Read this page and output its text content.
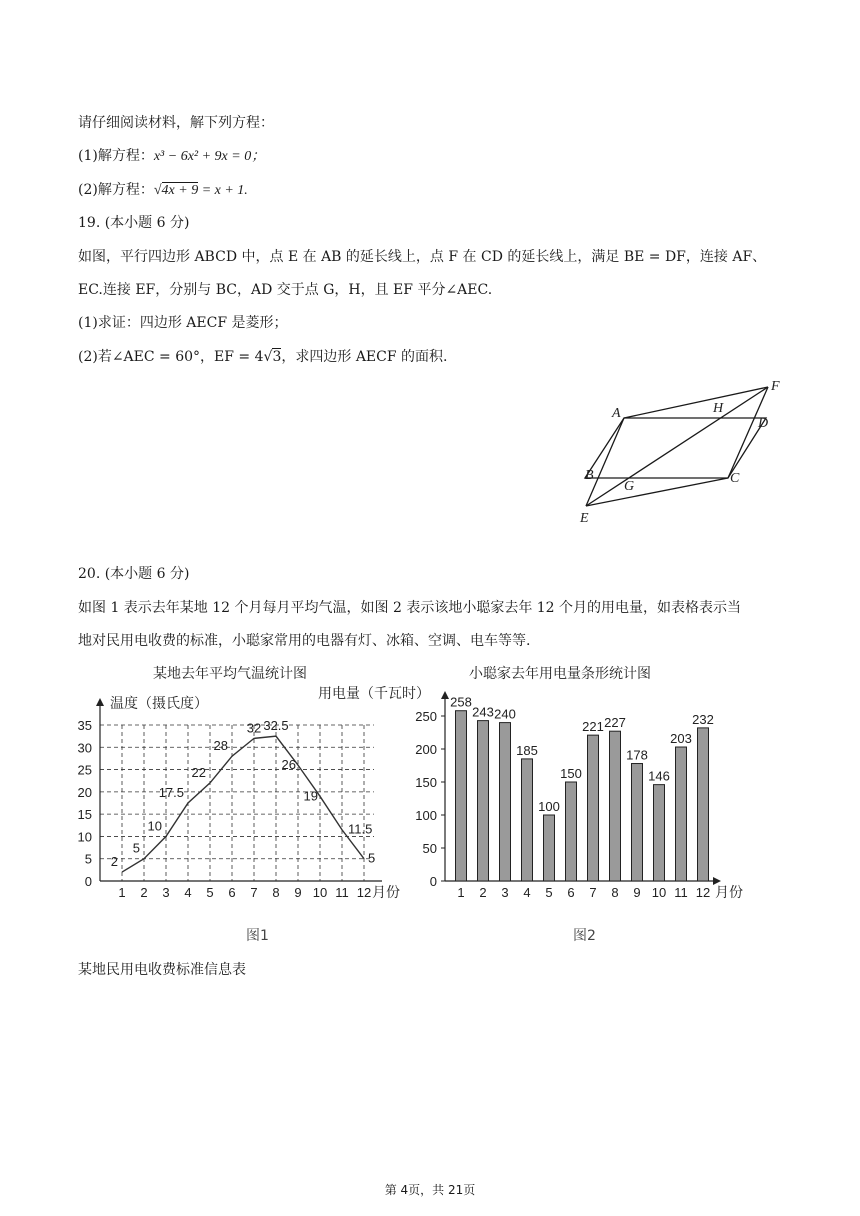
请仔细阅读材料，解下列方程：
(1)解方程：x³ − 6x² + 9x = 0；
(2)解方程：√4x + 9 = x + 1.
19. (本小题 6 分)
如图，平行四边形 ABCD 中，点 E 在 AB 的延长线上，点 F 在 CD 的延长线上，满足 BE = DF，连接 AF、
EC.连接 EF，分别与 BC，AD 交于点 G，H，且 EF 平分∠AEC.
(1)求证：四边形 AECF 是菱形；
(2)若∠AEC = 60°，EF = 4√3，求四边形 AECF 的面积.
A	H
F
D
B
G
C
E
20. (本小题 6 分)
如图 1 表示去年某地 12 个月每月平均气温，如图 2 表示该地小聪家去年 12 个月的用电量，如表格表示当
地对民用电收费的标准，小聪家常用的电器有灯、冰箱、空调、电车等等.
某地去年平均气温统计图
温度（摄氏度）
0
5
10
15
20
25
30
35
1 2 3 4 5 6 7 8 9 10 11 12 月份
2
5
10
17.5
22
28
32 32.5
26
19
11.5
5
小聪家去年用电量条形统计图
用电量（千瓦时）
0
50
100
150
200
250
258
1
243
2
240
3
185
4
100
5
150
6
221
7
227
8
178
9
146
10
203
11
232
12 月份
图1	图2
某地民用电收费标准信息表
第 4页，共 21页
